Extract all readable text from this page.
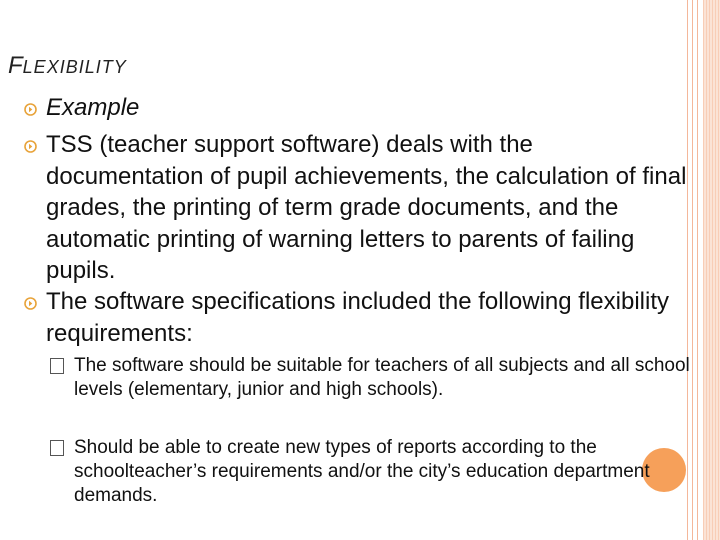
FLEXIBILITY
Example
TSS (teacher support software) deals with the documentation of pupil achievements, the calculation of final grades, the printing of term grade documents, and the automatic printing of warning letters to parents of failing pupils.
The software specifications included the following flexibility requirements:
The software should be suitable for teachers of all subjects and all school levels (elementary, junior and high schools).
Should be able to create new types of reports according to the schoolteacher’s requirements and/or the city’s education department demands.
